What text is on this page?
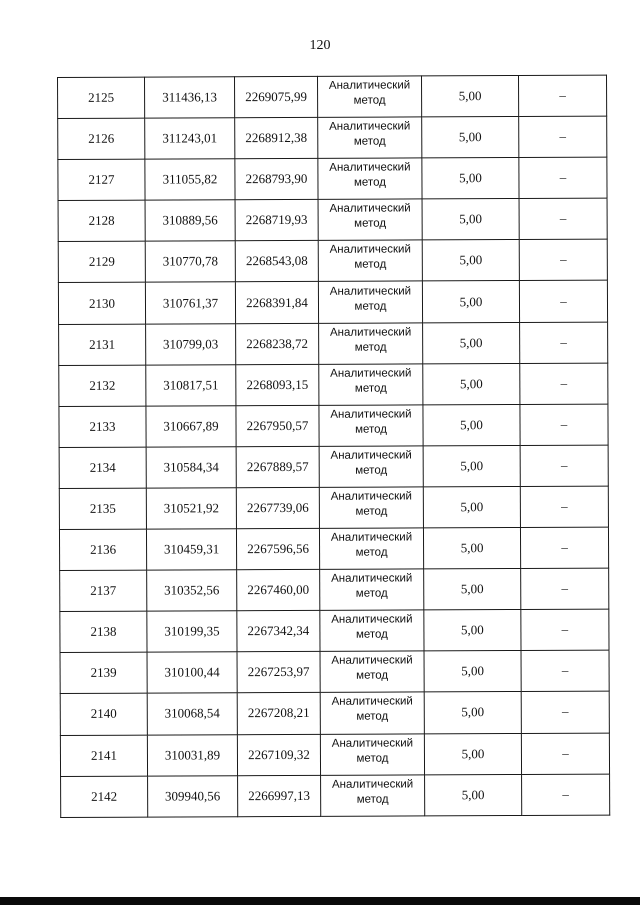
120
2125	311436,13	2269075,99	Аналитический
метод	5,00	–
2126	311243,01	2268912,38	Аналитический
метод	5,00	–
2127	311055,82	2268793,90	Аналитический
метод	5,00	–
2128	310889,56	2268719,93	Аналитический
метод	5,00	–
2129	310770,78	2268543,08	Аналитический
метод	5,00	–
2130	310761,37	2268391,84	Аналитический
метод	5,00	–
2131	310799,03	2268238,72	Аналитический
метод	5,00	–
2132	310817,51	2268093,15	Аналитический
метод	5,00	–
2133	310667,89	2267950,57	Аналитический
метод	5,00	–
2134	310584,34	2267889,57	Аналитический
метод	5,00	–
2135	310521,92	2267739,06	Аналитический
метод	5,00	–
2136	310459,31	2267596,56	Аналитический
метод	5,00	–
2137	310352,56	2267460,00	Аналитический
метод	5,00	–
2138	310199,35	2267342,34	Аналитический
метод	5,00	–
2139	310100,44	2267253,97	Аналитический
метод	5,00	–
2140	310068,54	2267208,21	Аналитический
метод	5,00	–
2141	310031,89	2267109,32	Аналитический
метод	5,00	–
2142	309940,56	2266997,13	Аналитический
метод	5,00	–
